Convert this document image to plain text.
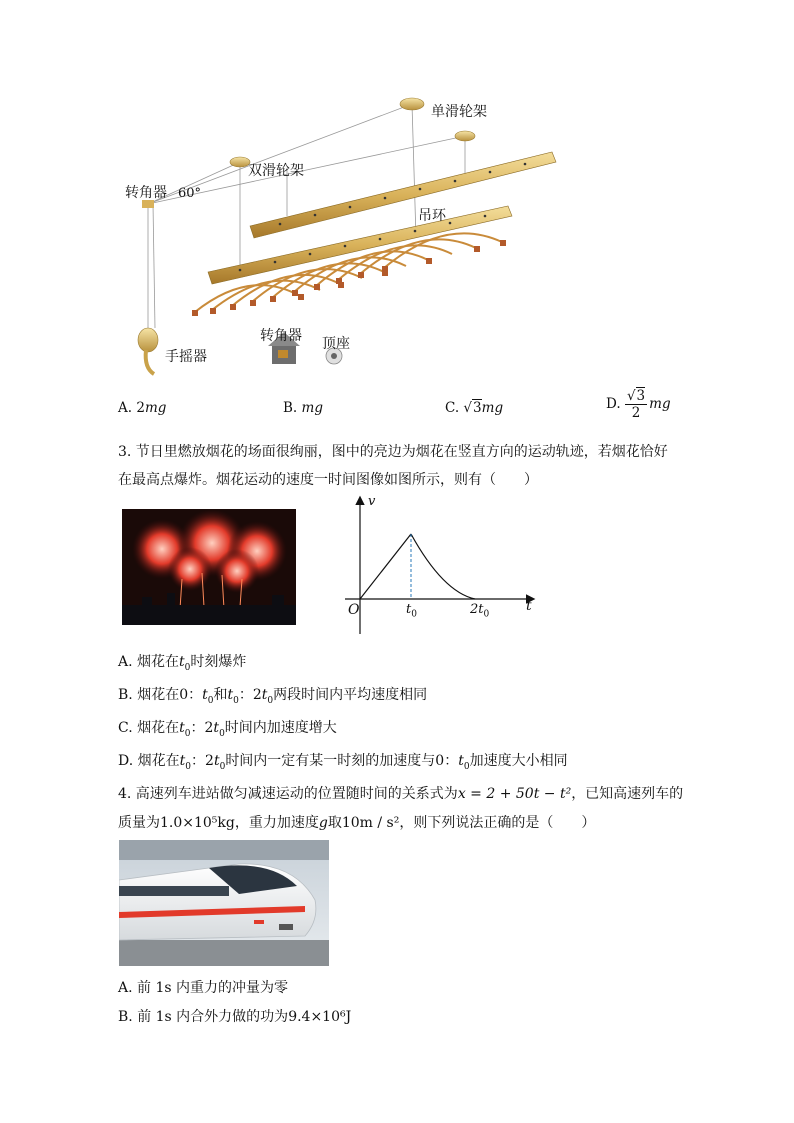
单滑轮架
双滑轮架
转角器 60°
吊环
手摇器
转角器 顶座
A. 2mg	B. mg	C. √3mg	D. $\frac{√3}{2}$ mg
3. 节日里燃放烟花的场面很绚丽，图中的亮边为烟花在竖直方向的运动轨迹，若烟花恰好
在最高点爆炸。烟花运动的速度一时间图像如图所示，则有（　　）
v
t
O	$t_0$	$2t_0$
A. 烟花在$t_0$时刻爆炸
B. 烟花在0：$t_0$和$t_0$：$2t_0$两段时间内平均速度相同
C. 烟花在$t_0$：$2t_0$时间内加速度增大
D. 烟花在$t_0$：$2t_0$时间内一定有某一时刻的加速度与0：$t_0$加速度大小相同
4. 高速列车进站做匀减速运动的位置随时间的关系式为x = 2 + 50t − t²，已知高速列车的
质量为1.0×10⁵kg，重力加速度g取10m / s²，则下列说法正确的是（　　）
A. 前 1s 内重力的冲量为零
B. 前 1s 内合外力做的功为9.4×10⁶J
